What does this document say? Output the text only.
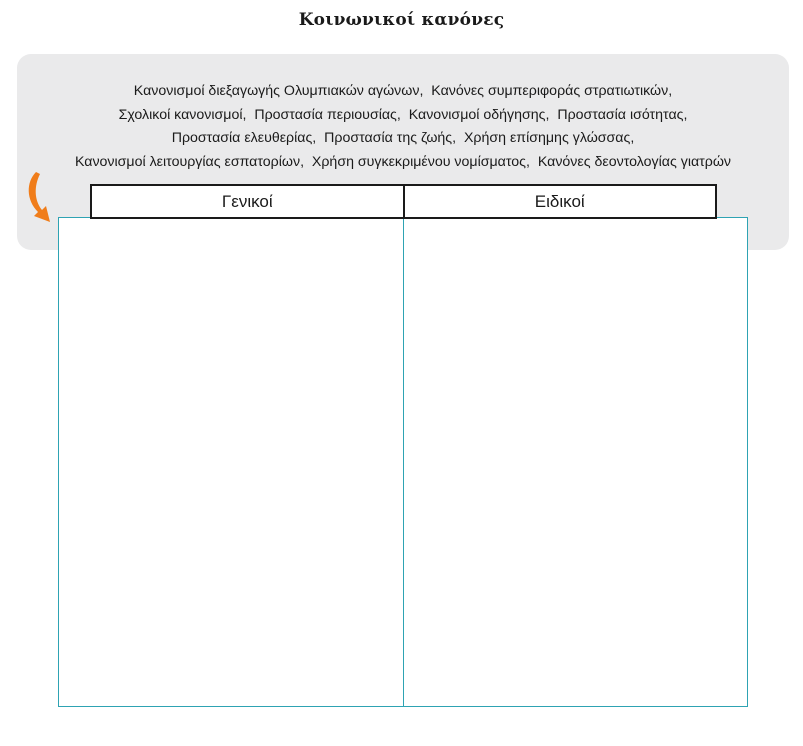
Κοινωνικοί κανόνες
Κανονισμοί διεξαγωγής Ολυμπιακών αγώνων,  Κανόνες συμπεριφοράς στρατιωτικών,
Σχολικοί κανονισμοί,  Προστασία περιουσίας,  Κανονισμοί οδήγησης,  Προστασία ισότητας,
Προστασία ελευθερίας,  Προστασία της ζωής,  Χρήση επίσημης γλώσσας,
Κανονισμοί λειτουργίας εσπατορίων,  Χρήση συγκεκριμένου νομίσματος,  Κανόνες δεοντολογίας γιατρών
Γενικοί	Ειδικοί
